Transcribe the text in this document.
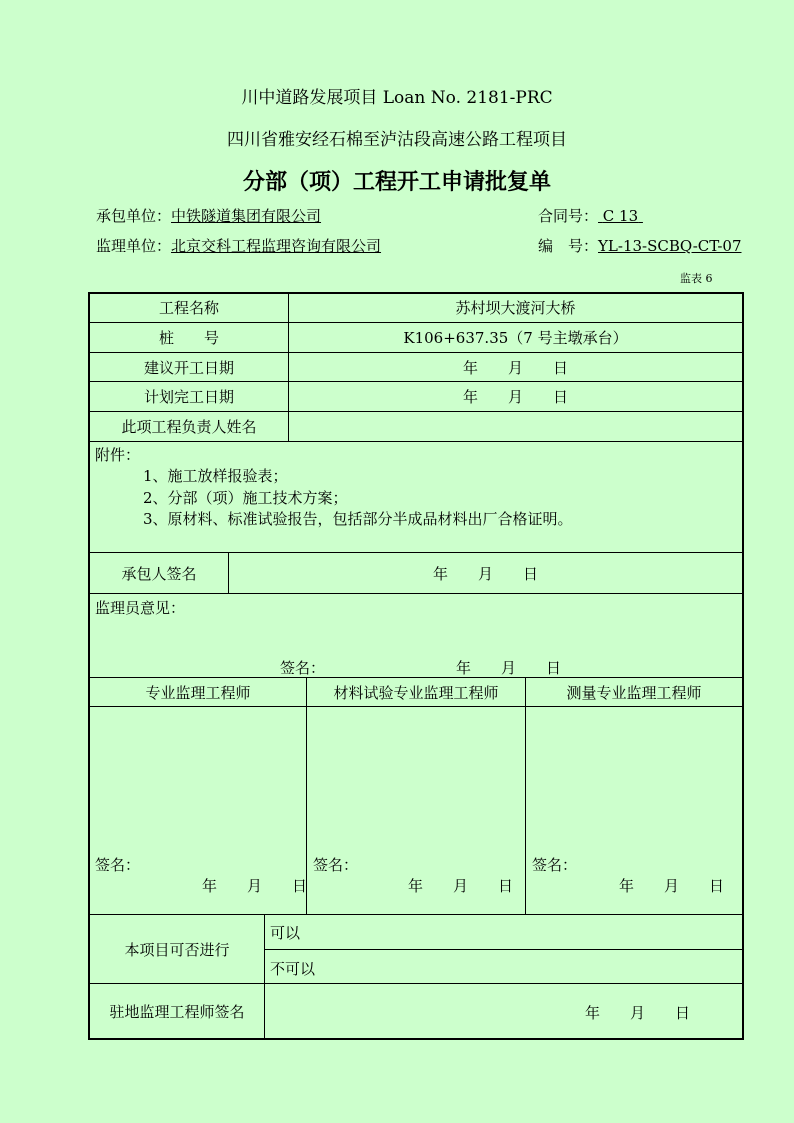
川中道路发展项目 Loan No. 2181-PRC
四川省雅安经石棉至泸沽段高速公路工程项目
分部（项）工程开工申请批复单
承包单位：中铁隧道集团有限公司	合同号： C 13
监理单位：北京交科工程监理咨询有限公司	编　号：YL-13-SCBQ-CT-07
监表 6
工程名称	苏村坝大渡河大桥
桩　　号	K106+637.35（7 号主墩承台）
建议开工日期	年　　月　　日
计划完工日期	年　　月　　日
此项工程负责人姓名
附件：
1、施工放样报验表；
2、分部（项）施工技术方案；
3、原材料、标准试验报告，包括部分半成品材料出厂合格证明。
承包人签名	年　　月　　日
监理员意见：
签名：	年　　月　　日
专业监理工程师	材料试验专业监理工程师	测量专业监理工程师
签名：
年　　月　　日
签名：
年　　月　　日
签名：
年　　月　　日
本项目可否进行
可以
不可以
驻地监理工程师签名	年　　月　　日
